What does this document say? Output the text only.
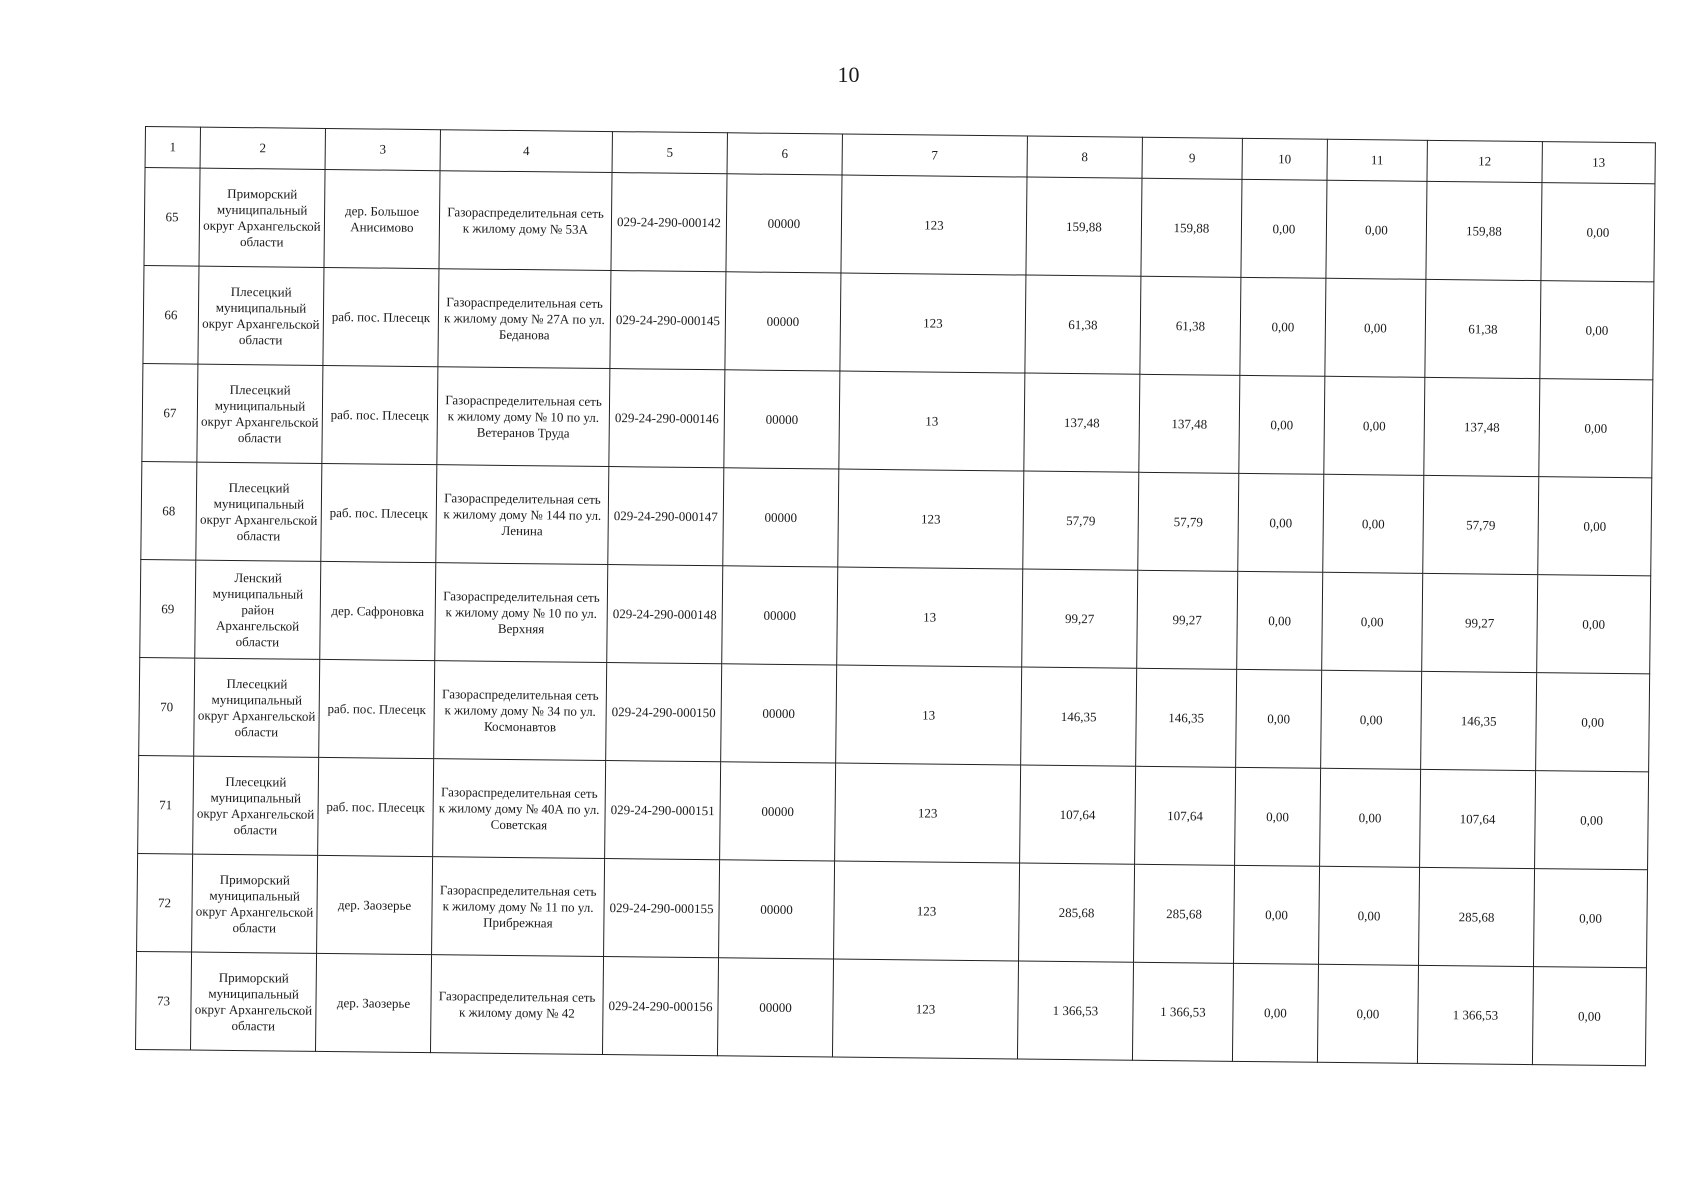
10
1	2	3	4	5	6	7	8	9	10	11	12	13
65	Приморский муниципальный округ Архангельской области	дер. Большое Анисимово	Газораспределительная сеть к жилому дому № 53А	029-24-290-000142	00000	123	159,88	159,88	0,00	0,00	159,88	0,00
66	Плесецкий муниципальный округ Архангельской области	раб. пос. Плесецк	Газораспределительная сеть к жилому дому № 27А по ул. Беданова	029-24-290-000145	00000	123	61,38	61,38	0,00	0,00	61,38	0,00
67	Плесецкий муниципальный округ Архангельской области	раб. пос. Плесецк	Газораспределительная сеть к жилому дому № 10 по ул. Ветеранов Труда	029-24-290-000146	00000	13	137,48	137,48	0,00	0,00	137,48	0,00
68	Плесецкий муниципальный округ Архангельской области	раб. пос. Плесецк	Газораспределительная сеть к жилому дому № 144 по ул. Ленина	029-24-290-000147	00000	123	57,79	57,79	0,00	0,00	57,79	0,00
69	Ленский муниципальный район Архангельской области	дер. Сафроновка	Газораспределительная сеть к жилому дому № 10 по ул. Верхняя	029-24-290-000148	00000	13	99,27	99,27	0,00	0,00	99,27	0,00
70	Плесецкий муниципальный округ Архангельской области	раб. пос. Плесецк	Газораспределительная сеть к жилому дому № 34 по ул. Космонавтов	029-24-290-000150	00000	13	146,35	146,35	0,00	0,00	146,35	0,00
71	Плесецкий муниципальный округ Архангельской области	раб. пос. Плесецк	Газораспределительная сеть к жилому дому № 40А по ул. Советская	029-24-290-000151	00000	123	107,64	107,64	0,00	0,00	107,64	0,00
72	Приморский муниципальный округ Архангельской области	дер. Заозерье	Газораспределительная сеть к жилому дому № 11 по ул. Прибрежная	029-24-290-000155	00000	123	285,68	285,68	0,00	0,00	285,68	0,00
73	Приморский муниципальный округ Архангельской области	дер. Заозерье	Газораспределительная сеть к жилому дому № 42	029-24-290-000156	00000	123	1 366,53	1 366,53	0,00	0,00	1 366,53	0,00
